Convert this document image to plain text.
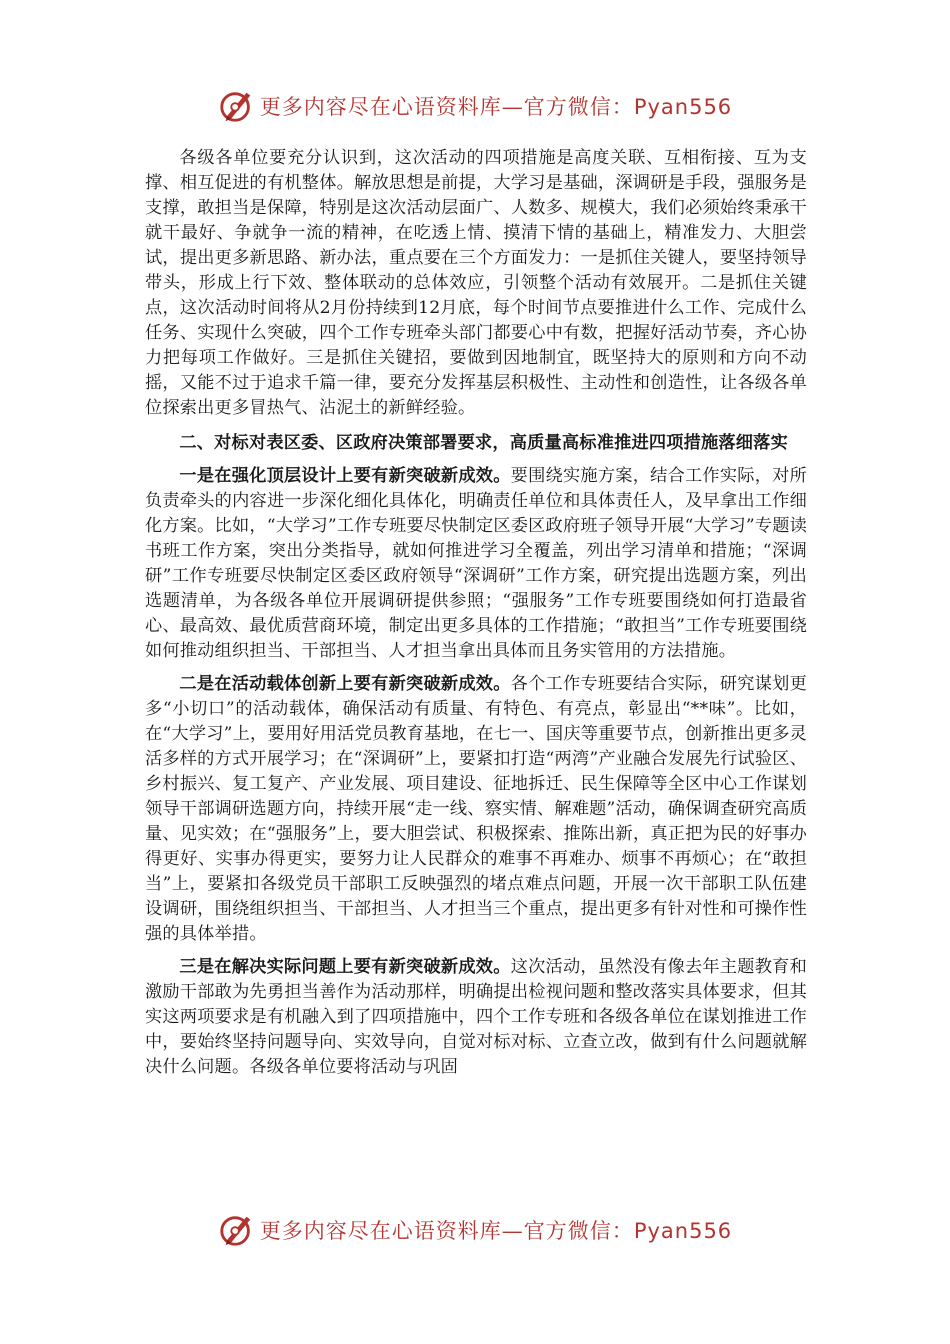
更多内容尽在心语资料库—官方微信：Pyan556

各级各单位要充分认识到，这次活动的四项措施是高度关联、互相衔接、互为支撑、相互促进的有机整体。解放思想是前提，大学习是基础，深调研是手段，强服务是支撑，敢担当是保障，特别是这次活动层面广、人数多、规模大，我们必须始终秉承干就干最好、争就争一流的精神，在吃透上情、摸清下情的基础上，精准发力、大胆尝试，提出更多新思路、新办法，重点要在三个方面发力：一是抓住关键人，要坚持领导带头，形成上行下效、整体联动的总体效应，引领整个活动有效展开。二是抓住关键点，这次活动时间将从2月份持续到12月底，每个时间节点要推进什么工作、完成什么任务、实现什么突破，四个工作专班牵头部门都要心中有数，把握好活动节奏，齐心协力把每项工作做好。三是抓住关键招，要做到因地制宜，既坚持大的原则和方向不动摇，又能不过于追求千篇一律，要充分发挥基层积极性、主动性和创造性，让各级各单位探索出更多冒热气、沾泥土的新鲜经验。

二、对标对表区委、区政府决策部署要求，高质量高标准推进四项措施落细落实

一是在强化顶层设计上要有新突破新成效。要围绕实施方案，结合工作实际，对所负责牵头的内容进一步深化细化具体化，明确责任单位和具体责任人，及早拿出工作细化方案。比如，“大学习”工作专班要尽快制定区委区政府班子领导开展“大学习”专题读书班工作方案，突出分类指导，就如何推进学习全覆盖，列出学习清单和措施；“深调研”工作专班要尽快制定区委区政府领导“深调研”工作方案，研究提出选题方案，列出选题清单，为各级各单位开展调研提供参照；“强服务”工作专班要围绕如何打造最省心、最高效、最优质营商环境，制定出更多具体的工作措施；“敢担当”工作专班要围绕如何推动组织担当、干部担当、人才担当拿出具体而且务实管用的方法措施。

二是在活动载体创新上要有新突破新成效。各个工作专班要结合实际，研究谋划更多“小切口”的活动载体，确保活动有质量、有特色、有亮点，彰显出“**味”。比如，在“大学习”上，要用好用活党员教育基地，在七一、国庆等重要节点，创新推出更多灵活多样的方式开展学习；在“深调研”上，要紧扣打造“两湾”产业融合发展先行试验区、乡村振兴、复工复产、产业发展、项目建设、征地拆迁、民生保障等全区中心工作谋划领导干部调研选题方向，持续开展“走一线、察实情、解难题”活动，确保调查研究高质量、见实效；在“强服务”上，要大胆尝试、积极探索、推陈出新，真正把为民的好事办得更好、实事办得更实，要努力让人民群众的难事不再难办、烦事不再烦心；在“敢担当”上，要紧扣各级党员干部职工反映强烈的堵点难点问题，开展一次干部职工队伍建设调研，围绕组织担当、干部担当、人才担当三个重点，提出更多有针对性和可操作性强的具体举措。

三是在解决实际问题上要有新突破新成效。这次活动，虽然没有像去年主题教育和激励干部敢为先勇担当善作为活动那样，明确提出检视问题和整改落实具体要求，但其实这两项要求是有机融入到了四项措施中，四个工作专班和各级各单位在谋划推进工作中，要始终坚持问题导向、实效导向，自觉对标对标、立查立改，做到有什么问题就解决什么问题。各级各单位要将活动与巩固

更多内容尽在心语资料库—官方微信：Pyan556
